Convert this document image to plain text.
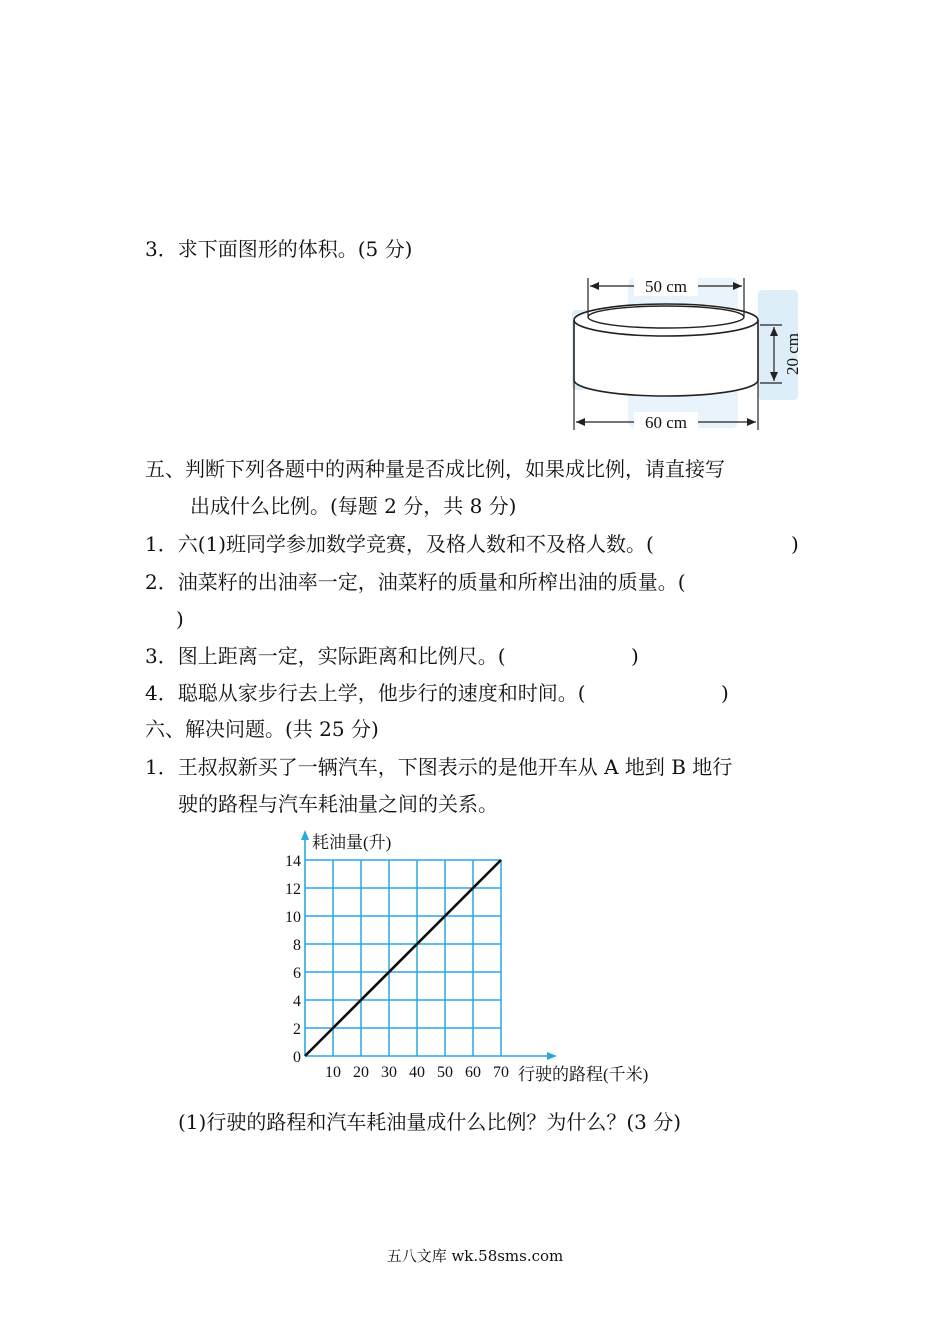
3．求下面图形的体积。(5 分)
50 cm
60 cm
20 cm
五、判断下列各题中的两种量是否成比例，如果成比例，请直接写
出成什么比例。(每题 2 分，共 8 分)
1．六(1)班同学参加数学竞赛，及格人数和不及格人数。(	)
2．油菜籽的出油率一定，油菜籽的质量和所榨出油的质量。(
)
3．图上距离一定，实际距离和比例尺。(	)
4．聪聪从家步行去上学，他步行的速度和时间。(	)
六、解决问题。(共 25 分)
1．王叔叔新买了一辆汽车，下图表示的是他开车从 A 地到 B 地行
驶的路程与汽车耗油量之间的关系。
10 20 30 40 50 60 70
0
2
4
6
8
10
12
14
耗油量(升)
行驶的路程(千米)
(1)行驶的路程和汽车耗油量成什么比例？为什么？(3 分)
五八文库 wk.58sms.com
